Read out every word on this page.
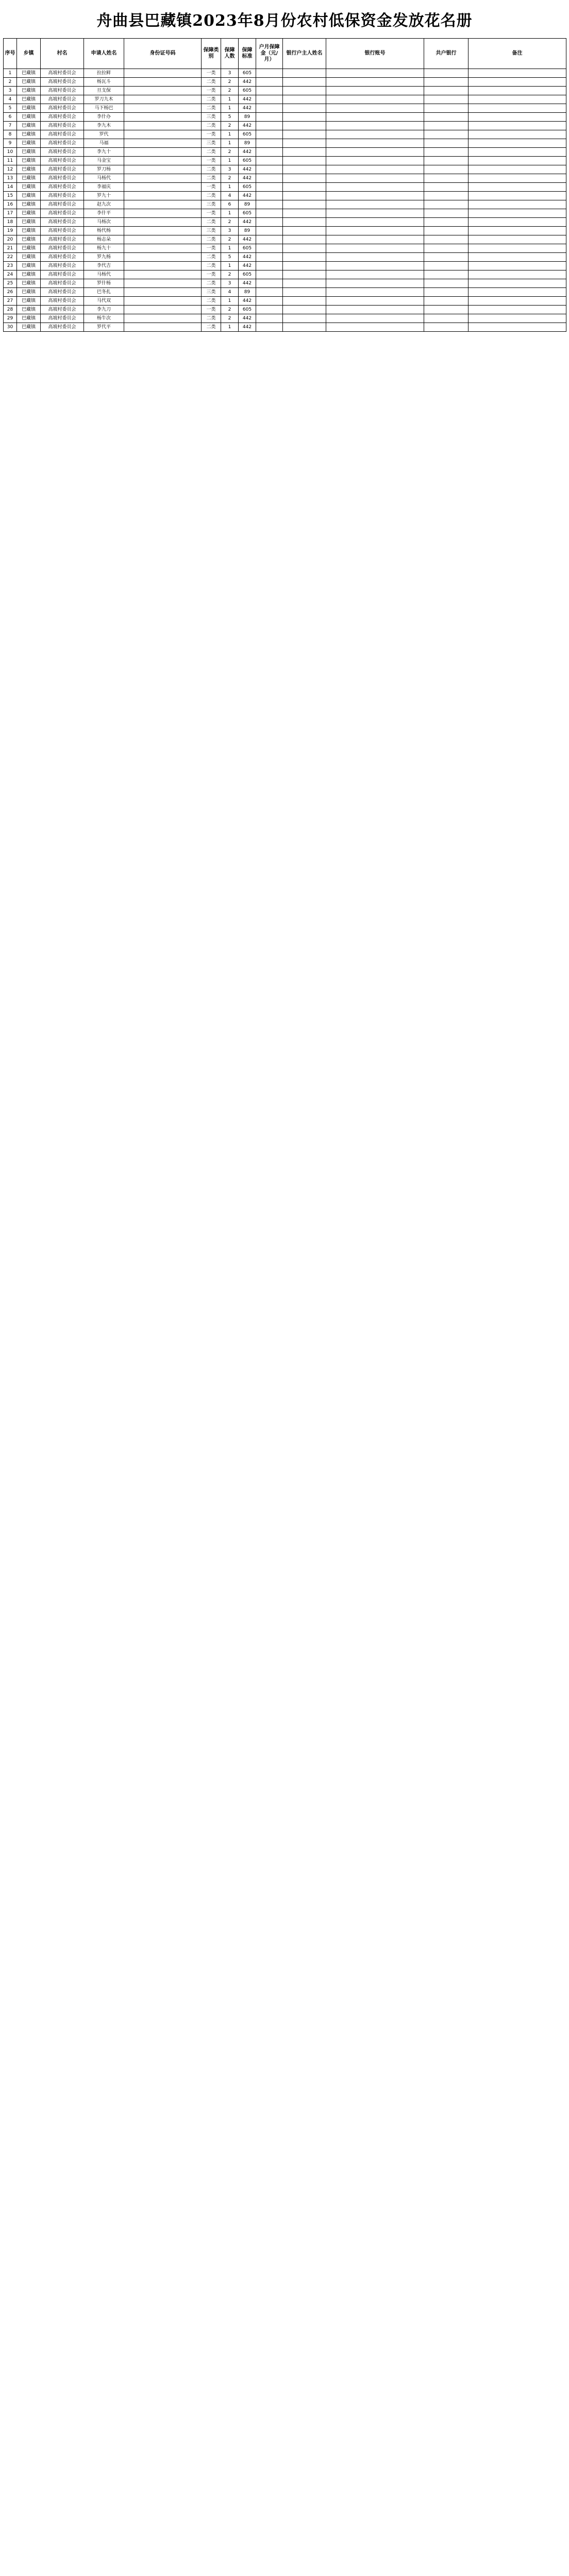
舟曲县巴藏镇2023年8月份农村低保资金发放花名册
序号	乡镇	村名	申请人姓名	身份证号码	保障类别	保障人数	保障标准	户月保障金（元/月）	银行户主人姓名	银行账号	共户银行	备注
1	巴藏镇	高坡村委员会	拉拉鲜		一类	3	605					
2	巴藏镇	高坡村委员会	杨瓦斗		二类	2	442					
3	巴藏镇	高坡村委员会	旦支保		一类	2	605					
4	巴藏镇	高坡村委员会	罗刀九木		二类	1	442					
5	巴藏镇	高坡村委员会	马下杨巴		二类	1	442					
6	巴藏镇	高坡村委员会	李什办		三类	5	89					
7	巴藏镇	高坡村委员会	李九木		二类	2	442					
8	巴藏镇	高坡村委员会	罗代		一类	1	605					
9	巴藏镇	高坡村委员会	马福		三类	1	89					
10	巴藏镇	高坡村委员会	李九十		二类	2	442					
11	巴藏镇	高坡村委员会	马金宝		一类	1	605					
12	巴藏镇	高坡村委员会	罗刀杨		二类	3	442					
13	巴藏镇	高坡村委员会	马杨代		二类	2	442					
14	巴藏镇	高坡村委员会	李福庆		一类	1	605					
15	巴藏镇	高坡村委员会	罗九十		二类	4	442					
16	巴藏镇	高坡村委员会	赵九次		三类	6	89					
17	巴藏镇	高坡村委员会	李什平		一类	1	605					
18	巴藏镇	高坡村委员会	马杨次		二类	2	442					
19	巴藏镇	高坡村委员会	杨代杨		三类	3	89					
20	巴藏镇	高坡村委员会	杨志朵		二类	2	442					
21	巴藏镇	高坡村委员会	杨九十		一类	1	605					
22	巴藏镇	高坡村委员会	罗九杨		二类	5	442					
23	巴藏镇	高坡村委员会	李代吉		二类	1	442					
24	巴藏镇	高坡村委员会	马杨代		一类	2	605					
25	巴藏镇	高坡村委员会	罗什杨		二类	3	442					
26	巴藏镇	高坡村委员会	巴冬扎		三类	4	89					
27	巴藏镇	高坡村委员会	马代双		二类	1	442					
28	巴藏镇	高坡村委员会	李九刀		一类	2	605					
29	巴藏镇	高坡村委员会	杨牛次		二类	2	442					
30	巴藏镇	高坡村委员会	罗代平		二类	1	442					
